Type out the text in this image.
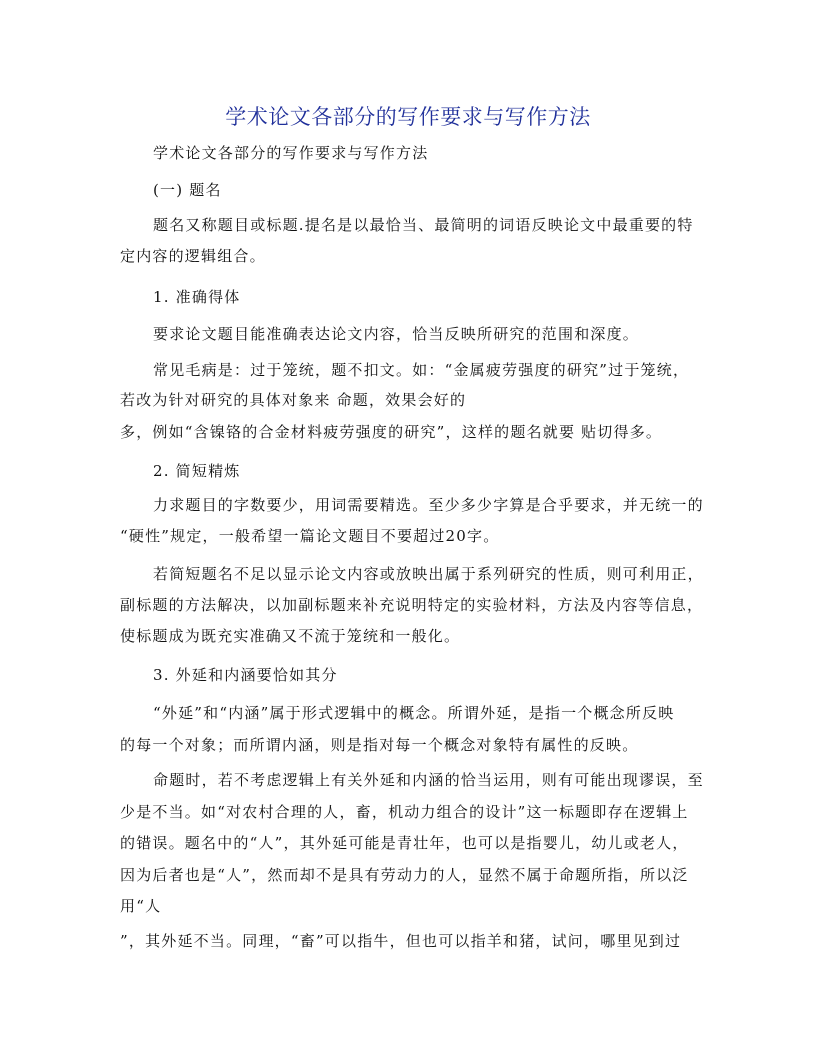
学术论文各部分的写作要求与写作方法
学术论文各部分的写作要求与写作方法
(一) 题名
题名又称题目或标题.提名是以最恰当、最简明的词语反映论文中最重要的特
定内容的逻辑组合。
1. 准确得体
要求论文题目能准确表达论文内容，恰当反映所研究的范围和深度。
常见毛病是：过于笼统，题不扣文。如：“金属疲劳强度的研究”过于笼统，
若改为针对研究的具体对象来 命题，效果会好的
多，例如“含镍铬的合金材料疲劳强度的研究”，这样的题名就要 贴切得多。
2. 简短精炼
力求题目的字数要少，用词需要精选。至少多少字算是合乎要求，并无统一的
“硬性”规定，一般希望一篇论文题目不要超过20字。
若简短题名不足以显示论文内容或放映出属于系列研究的性质，则可利用正，
副标题的方法解决，以加副标题来补充说明特定的实验材料，方法及内容等信息，
使标题成为既充实准确又不流于笼统和一般化。
3. 外延和内涵要恰如其分
“外延”和“内涵”属于形式逻辑中的概念。所谓外延，是指一个概念所反映
的每一个对象；而所谓内涵，则是指对每一个概念对象特有属性的反映。
命题时，若不考虑逻辑上有关外延和内涵的恰当运用，则有可能出现谬误，至
少是不当。如“对农村合理的人，畜，机动力组合的设计”这一标题即存在逻辑上
的错误。题名中的“人”，其外延可能是青壮年，也可以是指婴儿，幼儿或老人，
因为后者也是“人”，然而却不是具有劳动力的人，显然不属于命题所指，所以泛
用“人
”，其外延不当。同理，“畜”可以指牛，但也可以指羊和猪，试问，哪里见到过
